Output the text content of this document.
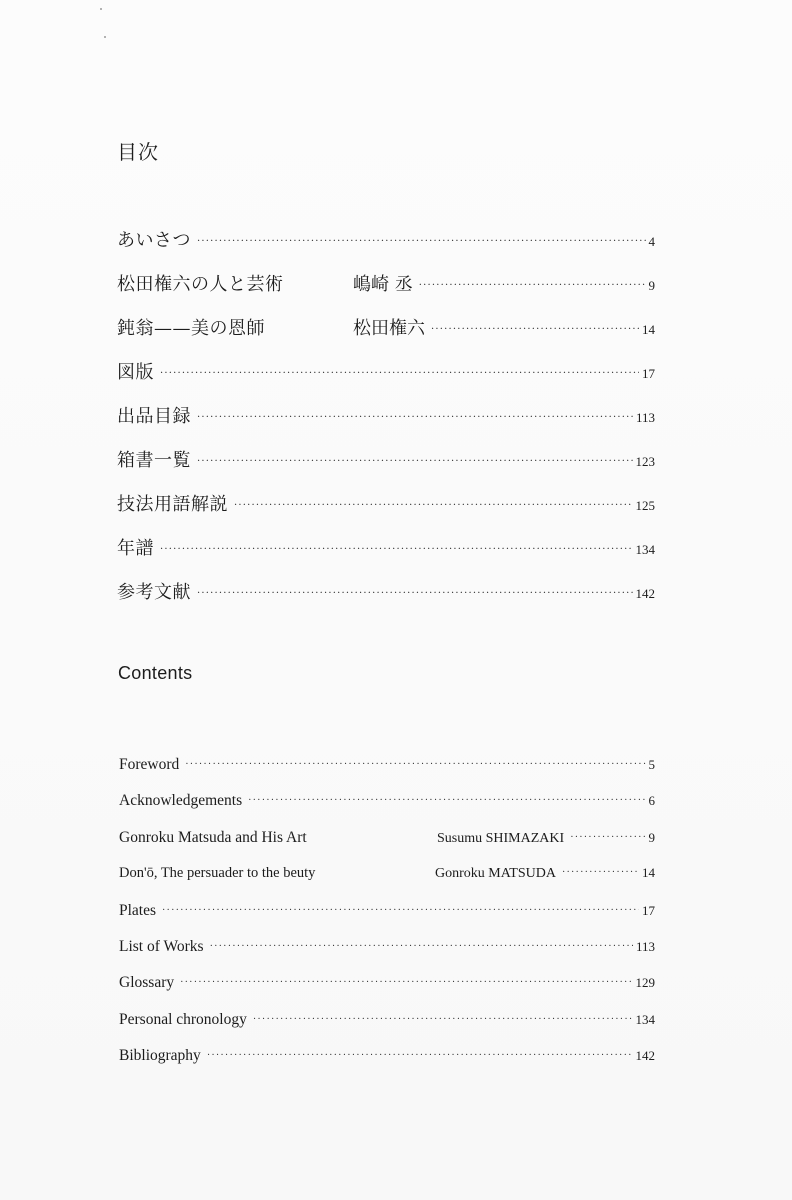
目次
あいさつ ·····	4
松田権六の人と芸術	嶋崎 丞 ·····	9
鈍翁——美の恩師	松田権六 ·····	14
図版 ·····	17
出品目録 ·····	113
箱書一覧 ·····	123
技法用語解説 ·····	125
年譜 ·····	134
参考文献 ·····	142
Contents
Foreword ·····	5
Acknowledgements ·····	6
Gonroku Matsuda and His Art	Susumu SHIMAZAKI ·····	9
Don'ō, The persuader to the beuty	Gonroku MATSUDA ·····	14
Plates ·····	17
List of Works ·····	113
Glossary ·····	129
Personal chronology ·····	134
Bibliography ·····	142
